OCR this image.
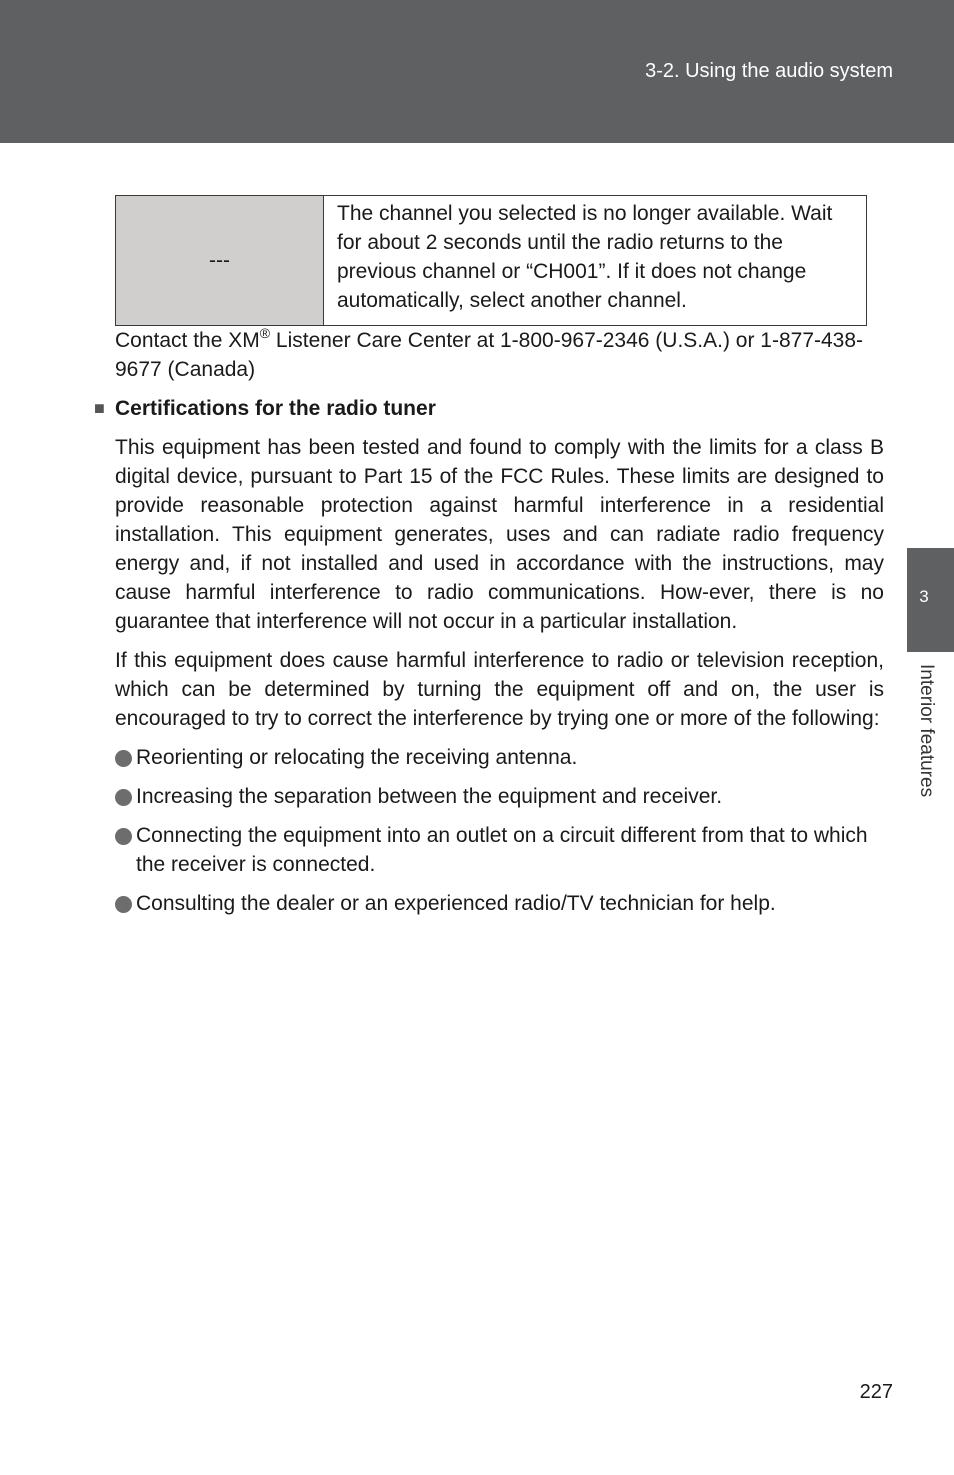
3-2. Using the audio system
3
Interior features
---	The channel you selected is no longer available. Wait for about 2 seconds until the radio returns to the previous channel or “CH001”. If it does not change automatically, select another channel.

Contact the XM® Listener Care Center at 1-800-967-2346 (U.S.A.) or 1-877-438-9677 (Canada)

■ Certifications for the radio tuner

This equipment has been tested and found to comply with the limits for a class B digital device, pursuant to Part 15 of the FCC Rules. These limits are designed to provide reasonable protection against harmful interference in a residential installation. This equipment generates, uses and can radiate radio frequency energy and, if not installed and used in accordance with the instructions, may cause harmful interference to radio communications. How-ever, there is no guarantee that interference will not occur in a particular installation.

If this equipment does cause harmful interference to radio or television reception, which can be determined by turning the equipment off and on, the user is encouraged to try to correct the interference by trying one or more of the following:

Reorienting or relocating the receiving antenna.
Increasing the separation between the equipment and receiver.
Connecting the equipment into an outlet on a circuit different from that to which the receiver is connected.
Consulting the dealer or an experienced radio/TV technician for help.
227
